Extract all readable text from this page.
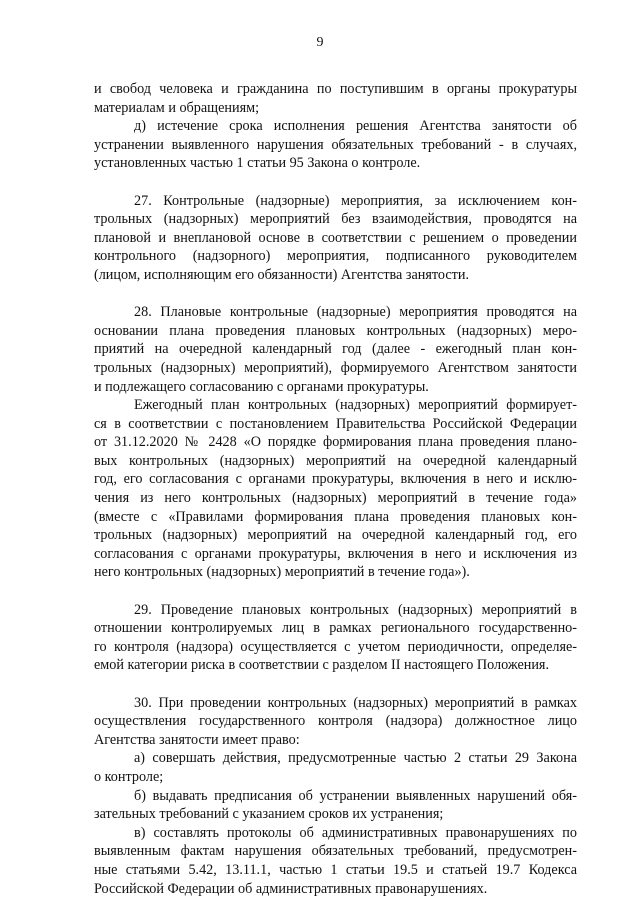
9
и свобод человека и гражданина по поступившим в органы прокуратуры
материалам и обращениям;
д) истечение срока исполнения решения Агентства занятости об
устранении выявленного нарушения обязательных требований - в случаях,
установленных частью 1 статьи 95 Закона о контроле.
27. Контрольные (надзорные) мероприятия, за исключением кон-
трольных (надзорных) мероприятий без взаимодействия, проводятся на
плановой и внеплановой основе в соответствии с решением о проведении
контрольного (надзорного) мероприятия, подписанного руководителем
(лицом, исполняющим его обязанности) Агентства занятости.
28. Плановые контрольные (надзорные) мероприятия проводятся на
основании плана проведения плановых контрольных (надзорных) меро-
приятий на очередной календарный год (далее - ежегодный план кон-
трольных (надзорных) мероприятий), формируемого Агентством занятости
и подлежащего согласованию с органами прокуратуры.
Ежегодный план контрольных (надзорных) мероприятий формирует-
ся в соответствии с постановлением Правительства Российской Федерации
от 31.12.2020 № 2428 «О порядке формирования плана проведения плано-
вых контрольных (надзорных) мероприятий на очередной календарный
год, его согласования с органами прокуратуры, включения в него и исклю-
чения из него контрольных (надзорных) мероприятий в течение года»
(вместе с «Правилами формирования плана проведения плановых кон-
трольных (надзорных) мероприятий на очередной календарный год, его
согласования с органами прокуратуры, включения в него и исключения из
него контрольных (надзорных) мероприятий в течение года»).
29. Проведение плановых контрольных (надзорных) мероприятий в
отношении контролируемых лиц в рамках регионального государственно-
го контроля (надзора) осуществляется с учетом периодичности, определяе-
емой категории риска в соответствии с разделом II настоящего Положения.
30. При проведении контрольных (надзорных) мероприятий в рамках
осуществления государственного контроля (надзора) должностное лицо
Агентства занятости имеет право:
а) совершать действия, предусмотренные частью 2 статьи 29 Закона
о контроле;
б) выдавать предписания об устранении выявленных нарушений обя-
зательных требований с указанием сроков их устранения;
в) составлять протоколы об административных правонарушениях по
выявленным фактам нарушения обязательных требований, предусмотрен-
ные статьями 5.42, 13.11.1, частью 1 статьи 19.5 и статьей 19.7 Кодекса
Российской Федерации об административных правонарушениях.
